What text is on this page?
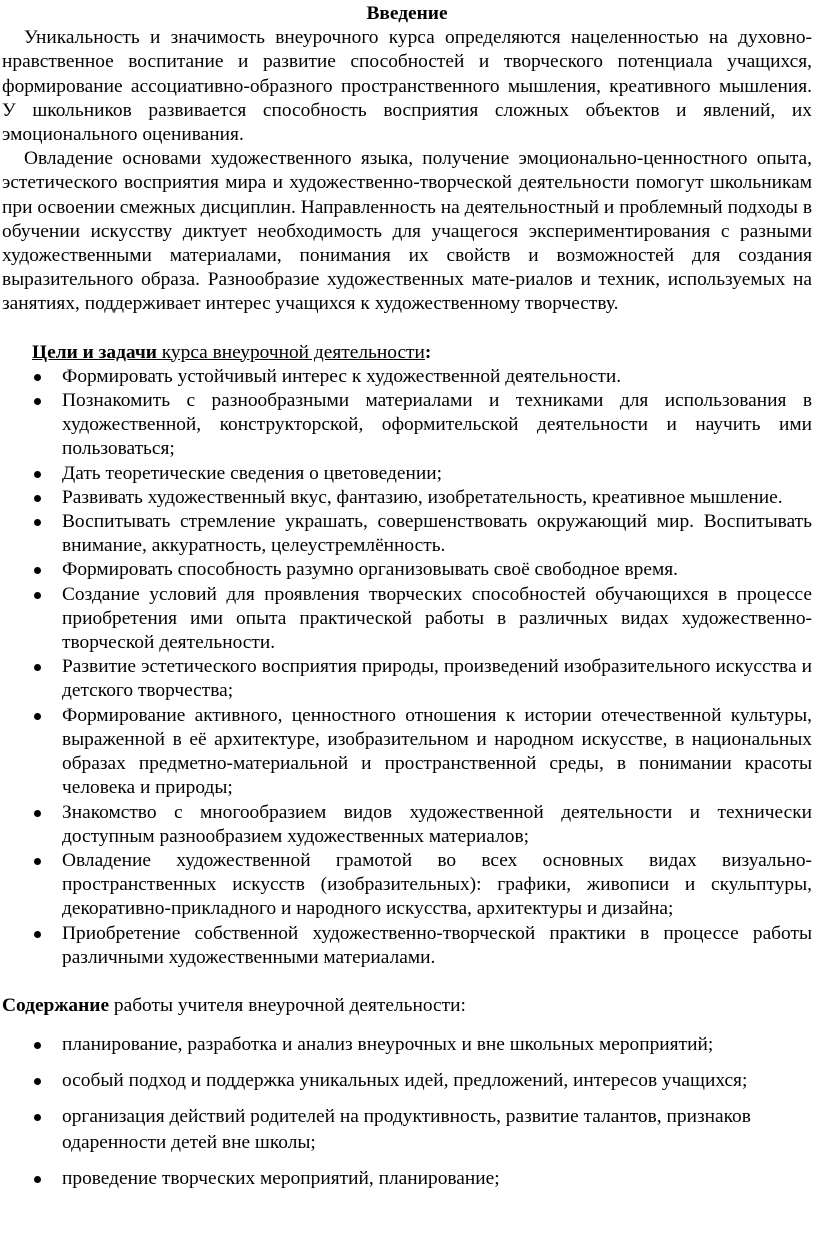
Введение

Уникальность и значимость внеурочного курса определяются нацеленностью на духовно-нравственное воспитание и развитие способностей и творческого потенциала учащихся, формирование ассоциативно-образного пространственного мышления, креативного мышления. У школьников развивается способность восприятия сложных объектов и явлений, их эмоционального оценивания.

Овладение основами художественного языка, получение эмоционально-ценностного опыта, эстетического восприятия мира и художественно-творческой деятельности помогут школьникам при освоении смежных дисциплин. Направленность на деятельностный и проблемный подходы в обучении искусству диктует необходимость для учащегося экспериментирования с разными художественными материалами, понимания их свойств и возможностей для создания выразительного образа. Разнообразие художественных мате-риалов и техник, используемых на занятиях, поддерживает интерес учащихся к художественному творчеству.

Цели и задачи курса внеурочной деятельности:
Формировать устойчивый интерес к художественной деятельности.
Познакомить с разнообразными материалами и техниками для использования в художественной, конструкторской, оформительской деятельности и научить ими пользоваться;
Дать теоретические сведения о цветоведении;
Развивать художественный вкус, фантазию, изобретательность, креативное мышление.
Воспитывать стремление украшать, совершенствовать окружающий мир. Воспитывать внимание, аккуратность, целеустремлённость.
Формировать способность разумно организовывать своё свободное время.
Создание условий для проявления творческих способностей обучающихся в процессе приобретения ими опыта практической работы в различных видах художественно-творческой деятельности.
Развитие эстетического восприятия природы, произведений изобразительного искусства и детского творчества;
Формирование активного, ценностного отношения к истории отечественной культуры, выраженной в её архитектуре, изобразительном и народном искусстве, в национальных образах предметно-материальной и пространственной среды, в понимании красоты человека и природы;
Знакомство с многообразием видов художественной деятельности и технически доступным разнообразием художественных материалов;
Овладение художественной грамотой во всех основных видах визуально-пространственных искусств (изобразительных): графики, живописи и скульптуры, декоративно-прикладного и народного искусства, архитектуры и дизайна;
Приобретение собственной художественно-творческой практики в процессе работы различными художественными материалами.
Содержание работы учителя внеурочной деятельности:
планирование, разработка и анализ внеурочных и вне школьных мероприятий;
особый подход и поддержка уникальных идей, предложений, интересов учащихся;
организация действий родителей на продуктивность, развитие талантов, признаков одаренности детей вне школы;
проведение творческих мероприятий, планирование;
